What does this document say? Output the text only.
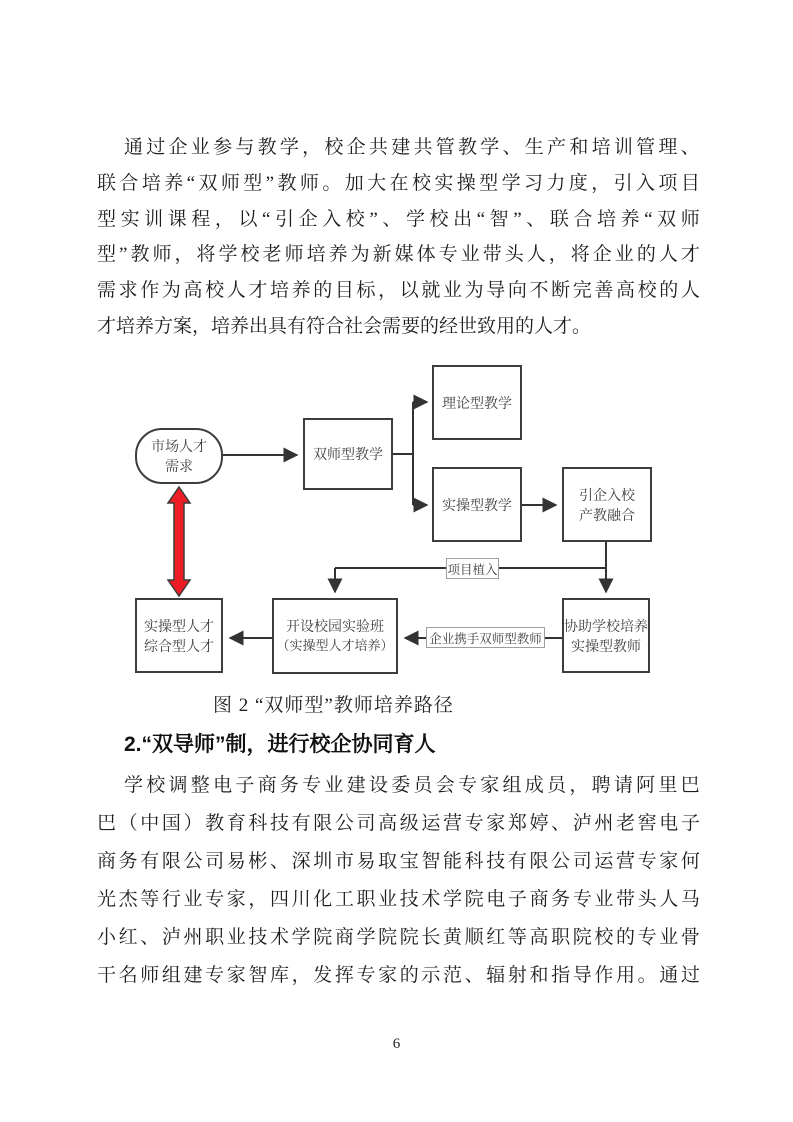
通 过 企 业 参 与 教 学 ， 校 企 共 建 共 管 教 学 、 生 产 和 培 训 管 理 、
联 合 培 养 “ 双 师 型 ” 教 师 。 加 大 在 校 实 操 型 学 习 力 度 ， 引 入 项 目
型 实 训 课 程 ， 以 “ 引 企 入 校 ” 、 学 校 出 “ 智 ” 、 联 合 培 养 “ 双 师
型 ” 教 师 ， 将 学 校 老 师 培 养 为 新 媒 体 专 业 带 头 人 ， 将 企 业 的 人 才
需 求 作 为 高 校 人 才 培 养 的 目 标 ， 以 就 业 为 导 向 不 断 完 善 高 校 的 人
才培养方案，培养出具有符合社会需要的经世致用的人才。
市场人才
需求
双师型教学
理论型教学
实操型教学
引企入校
产教融合
协助学校培养
实操型教师
开设校园实验班
（实操型人才培养）
实操型人才
综合型人才
项目植入
企业携手双师型教师
图 2 “双师型”教师培养路径
2.“双导师”制，进行校企协同育人
学 校 调 整 电 子 商 务 专 业 建 设 委 员 会 专 家 组 成 员 ， 聘 请 阿 里 巴
巴 （ 中 国 ） 教 育 科 技 有 限 公 司 高 级 运 营 专 家 郑 婷 、 泸 州 老 窖 电 子
商 务 有 限 公 司 易 彬 、 深 圳 市 易 取 宝 智 能 科 技 有 限 公 司 运 营 专 家 何
光 杰 等 行 业 专 家 ， 四 川 化 工 职 业 技 术 学 院 电 子 商 务 专 业 带 头 人 马
小 红 、 泸 州 职 业 技 术 学 院 商 学 院 院 长 黄 顺 红 等 高 职 院 校 的 专 业 骨
干 名 师 组 建 专 家 智 库 ， 发 挥 专 家 的 示 范 、 辐 射 和 指 导 作 用 。 通 过
6
